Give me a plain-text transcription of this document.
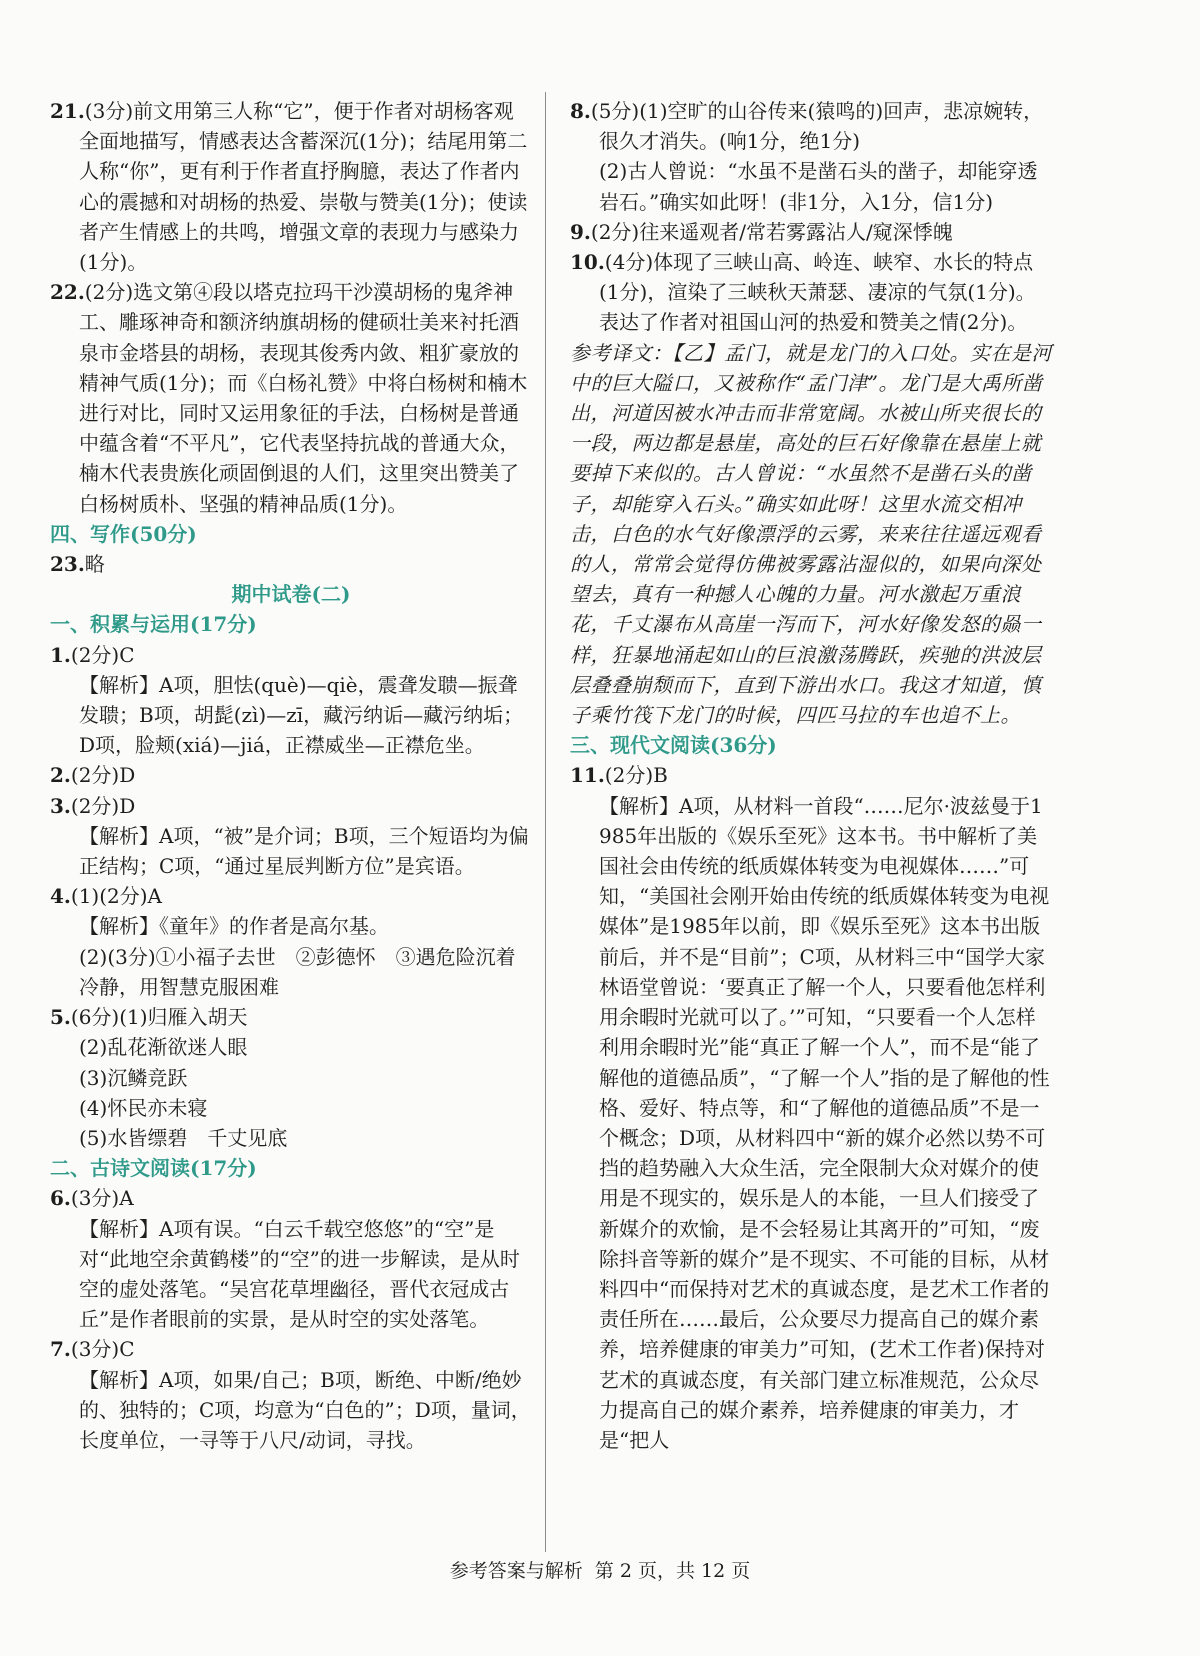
21.(3分)前文用第三人称“它”，便于作者对胡杨客观全面地描写，情感表达含蓄深沉(1分)；结尾用第二人称“你”，更有利于作者直抒胸臆，表达了作者内心的震撼和对胡杨的热爱、崇敬与赞美(1分)；使读者产生情感上的共鸣，增强文章的表现力与感染力(1分)。
22.(2分)选文第④段以塔克拉玛干沙漠胡杨的鬼斧神工、雕琢神奇和额济纳旗胡杨的健硕壮美来衬托酒泉市金塔县的胡杨，表现其俊秀内敛、粗犷豪放的精神气质(1分)；而《白杨礼赞》中将白杨树和楠木进行对比，同时又运用象征的手法，白杨树是普通中蕴含着“不平凡”，它代表坚持抗战的普通大众，楠木代表贵族化顽固倒退的人们，这里突出赞美了白杨树质朴、坚强的精神品质(1分)。
四、写作(50分)
23.略
期中试卷(二)
一、积累与运用(17分)
1.(2分)C
【解析】A项，胆怯(què)—qiè，震聋发聩—振聋发聩；B项，胡髭(zì)—zī，藏污纳诟—藏污纳垢；D项，脸颊(xiá)—jiá，正襟威坐—正襟危坐。
2.(2分)D
3.(2分)D
【解析】A项，“被”是介词；B项，三个短语均为偏正结构；C项，“通过星辰判断方位”是宾语。
4.(1)(2分)A
【解析】《童年》的作者是高尔基。
(2)(3分)①小福子去世　②彭德怀　③遇危险沉着冷静，用智慧克服困难
5.(6分)(1)归雁入胡天
(2)乱花渐欲迷人眼
(3)沉鳞竞跃
(4)怀民亦未寝
(5)水皆缥碧　千丈见底
二、古诗文阅读(17分)
6.(3分)A
【解析】A项有误。“白云千载空悠悠”的“空”是对“此地空余黄鹤楼”的“空”的进一步解读，是从时空的虚处落笔。“吴宫花草埋幽径，晋代衣冠成古丘”是作者眼前的实景，是从时空的实处落笔。
7.(3分)C
【解析】A项，如果/自己；B项，断绝、中断/绝妙的、独特的；C项，均意为“白色的”；D项，量词，长度单位，一寻等于八尺/动词，寻找。
8.(5分)(1)空旷的山谷传来(猿鸣的)回声，悲凉婉转，很久才消失。(响1分，绝1分)
(2)古人曾说：“水虽不是凿石头的凿子，却能穿透岩石。”确实如此呀！(非1分，入1分，信1分)
9.(2分)往来遥观者/常若雾露沾人/窥深悸魄
10.(4分)体现了三峡山高、岭连、峡窄、水长的特点(1分)，渲染了三峡秋天萧瑟、凄凉的气氛(1分)。表达了作者对祖国山河的热爱和赞美之情(2分)。
参考译文：【乙】孟门，就是龙门的入口处。实在是河中的巨大隘口，又被称作“孟门津”。龙门是大禹所凿出，河道因被水冲击而非常宽阔。水被山所夹很长的一段，两边都是悬崖，高处的巨石好像靠在悬崖上就要掉下来似的。古人曾说：“水虽然不是凿石头的凿子，却能穿入石头。”确实如此呀！这里水流交相冲击，白色的水气好像漂浮的云雾，来来往往遥远观看的人，常常会觉得仿佛被雾露沾湿似的，如果向深处望去，真有一种撼人心魄的力量。河水激起万重浪花，千丈瀑布从高崖一泻而下，河水好像发怒的赑一样，狂暴地涌起如山的巨浪激荡腾跃，疾驰的洪波层层叠叠崩颓而下，直到下游出水口。我这才知道，慎子乘竹筏下龙门的时候，四匹马拉的车也追不上。
三、现代文阅读(36分)
11.(2分)B
【解析】A项，从材料一首段“……尼尔·波兹曼于1985年出版的《娱乐至死》这本书。书中解析了美国社会由传统的纸质媒体转变为电视媒体……”可知，“美国社会刚开始由传统的纸质媒体转变为电视媒体”是1985年以前，即《娱乐至死》这本书出版前后，并不是“目前”；C项，从材料三中“国学大家林语堂曾说：‘要真正了解一个人，只要看他怎样利用余暇时光就可以了。’”可知，“只要看一个人怎样利用余暇时光”能“真正了解一个人”，而不是“能了解他的道德品质”，“了解一个人”指的是了解他的性格、爱好、特点等，和“了解他的道德品质”不是一个概念；D项，从材料四中“新的媒介必然以势不可挡的趋势融入大众生活，完全限制大众对媒介的使用是不现实的，娱乐是人的本能，一旦人们接受了新媒介的欢愉，是不会轻易让其离开的”可知，“废除抖音等新的媒介”是不现实、不可能的目标，从材料四中“而保持对艺术的真诚态度，是艺术工作者的责任所在……最后，公众要尽力提高自己的媒介素养，培养健康的审美力”可知，(艺术工作者)保持对艺术的真诚态度，有关部门建立标准规范，公众尽力提高自己的媒介素养，培养健康的审美力，才是“把人
参考答案与解析 第 2 页，共 12 页
